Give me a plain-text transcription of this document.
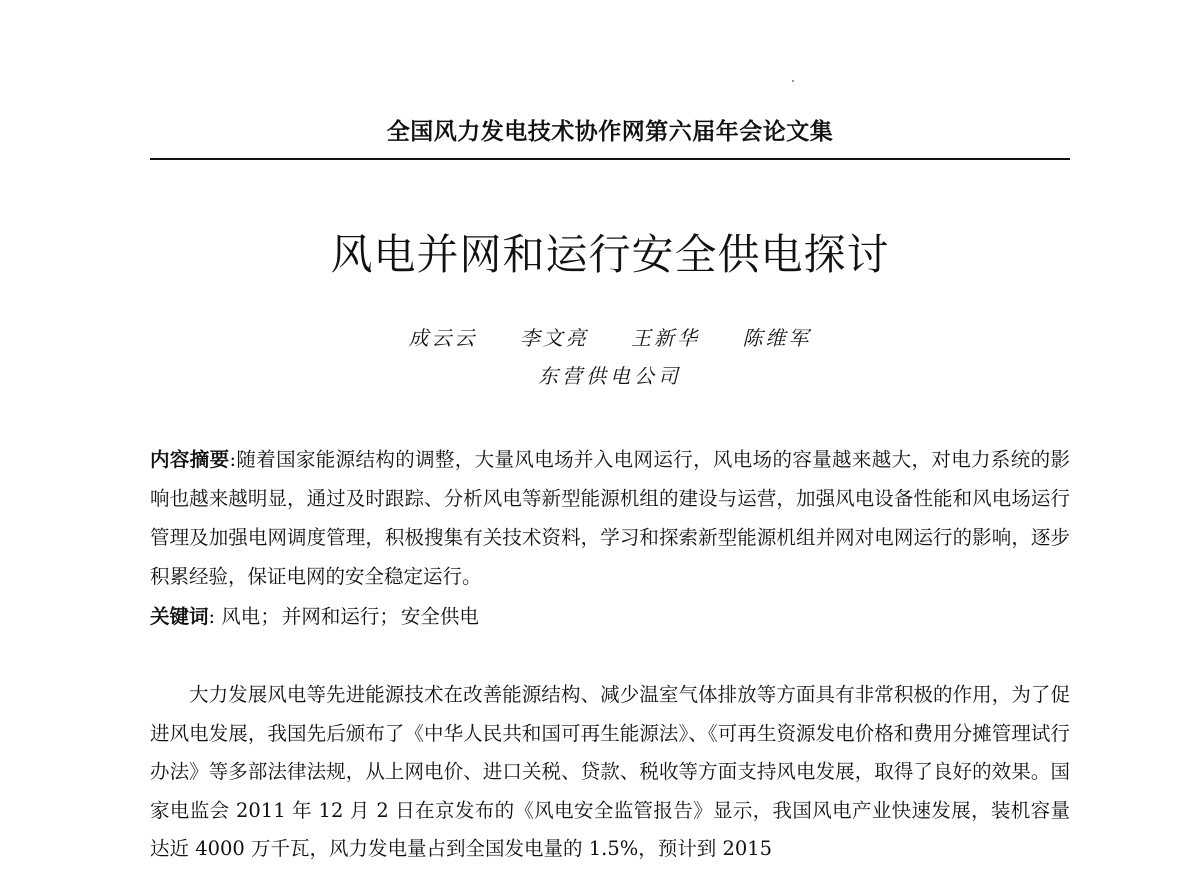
全国风力发电技术协作网第六届年会论文集
风电并网和运行安全供电探讨
成云云 李文亮 王新华 陈维军
东营供电公司
内容摘要:随着国家能源结构的调整，大量风电场并入电网运行，风电场的容量越来越大，对电力系统的影响也越来越明显，通过及时跟踪、分析风电等新型能源机组的建设与运营，加强风电设备性能和风电场运行管理及加强电网调度管理，积极搜集有关技术资料，学习和探索新型能源机组并网对电网运行的影响，逐步积累经验，保证电网的安全稳定运行。
关键词: 风电； 并网和运行； 安全供电
大力发展风电等先进能源技术在改善能源结构、减少温室气体排放等方面具有非常积极的作用，为了促进风电发展，我国先后颁布了《中华人民共和国可再生能源法》、《可再生资源发电价格和费用分摊管理试行办法》等多部法律法规，从上网电价、进口关税、贷款、税收等方面支持风电发展，取得了良好的效果。国家电监会 2011 年 12 月 2 日在京发布的《风电安全监管报告》显示，我国风电产业快速发展，装机容量达近 4000 万千瓦，风力发电量占到全国发电量的 1.5%，预计到 2015
